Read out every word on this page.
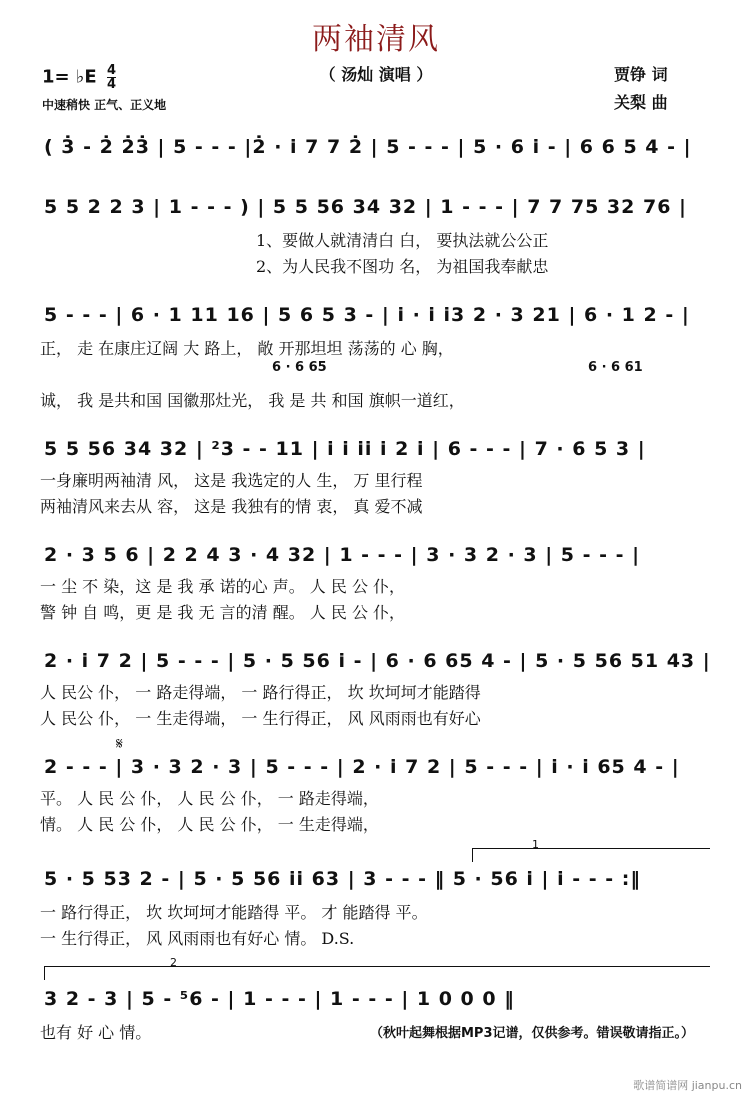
两袖清风
（ 汤灿 演唱 ）
1= ♭E $\frac{4}{4}$
中速稍快 正气、正义地
贾铮 词
关梨 曲
( 3̇ - 2̇ 2̇3̇ | 5 - - - |2̇ · i 7 7 2̇ | 5 - - - | 5 · 6 i - | 6 6 5 4 - |
5 5 2 2 3 | 1 - - - ) | 5 5 56 34 32 | 1 - - - | 7 7 75 32 76 |
1、要做人就清清白 白， 要执法就公公正
2、为人民我不图功 名， 为祖国我奉献忠
5 - - - | 6 · 1 11 16 | 5 6 5 3 - | i · i i3 2 · 3 21 | 6 · 1 2 - |
正， 走 在康庄辽阔 大 路上， 敞 开那坦坦 荡荡的 心 胸，
6 · 6 65	6 · 6 61
诚， 我 是共和国 国徽那灶光， 我 是 共 和国 旗帜一道红，
5 5 56 34 32 | ²3 - - 11 | i i ii i 2 i | 6 - - - | 7 · 6 5 3 |
一身廉明两袖清 风， 这是 我选定的人 生， 万 里行程
两袖清风来去从 容， 这是 我独有的情 衷， 真 爱不减
2 · 3 5 6 | 2 2 4 3 · 4 32 | 1 - - - | 3 · 3 2 · 3 | 5 - - - |
一 尘 不 染，这 是 我 承 诺的心 声。 人 民 公 仆，
警 钟 自 鸣，更 是 我 无 言的清 醒。 人 民 公 仆，
2 · i 7 2 | 5 - - - | 5 · 5 56 i - | 6 · 6 65 4 - | 5 · 5 56 51 43 |
人 民公 仆， 一 路走得端， 一 路行得正， 坎 坎坷坷才能踏得
人 民公 仆， 一 生走得端， 一 生行得正， 风 风雨雨也有好心
𝄋
2 - - - | 3 · 3 2 · 3 | 5 - - - | 2 · i 7 2 | 5 - - - | i · i 65 4 - |
平。 人 民 公 仆， 人 民 公 仆， 一 路走得端，
情。 人 民 公 仆， 人 民 公 仆， 一 生走得端，
1
5 · 5 53 2 - | 5 · 5 56 ii 63 | 3 - - - ‖ 5 · 56 i | i - - - :‖
一 路行得正， 坎 坎坷坷才能踏得 平。 才 能踏得 平。
一 生行得正， 风 风雨雨也有好心 情。 D.S.
2
3 2 - 3 | 5 - ⁵6 - | 1 - - - | 1 - - - | 1 0 0 0 ‖
也有 好 心 情。	（秋叶起舞根据MP3记谱，仅供参考。错误敬请指正。）
歌谱简谱网 jianpu.cn
